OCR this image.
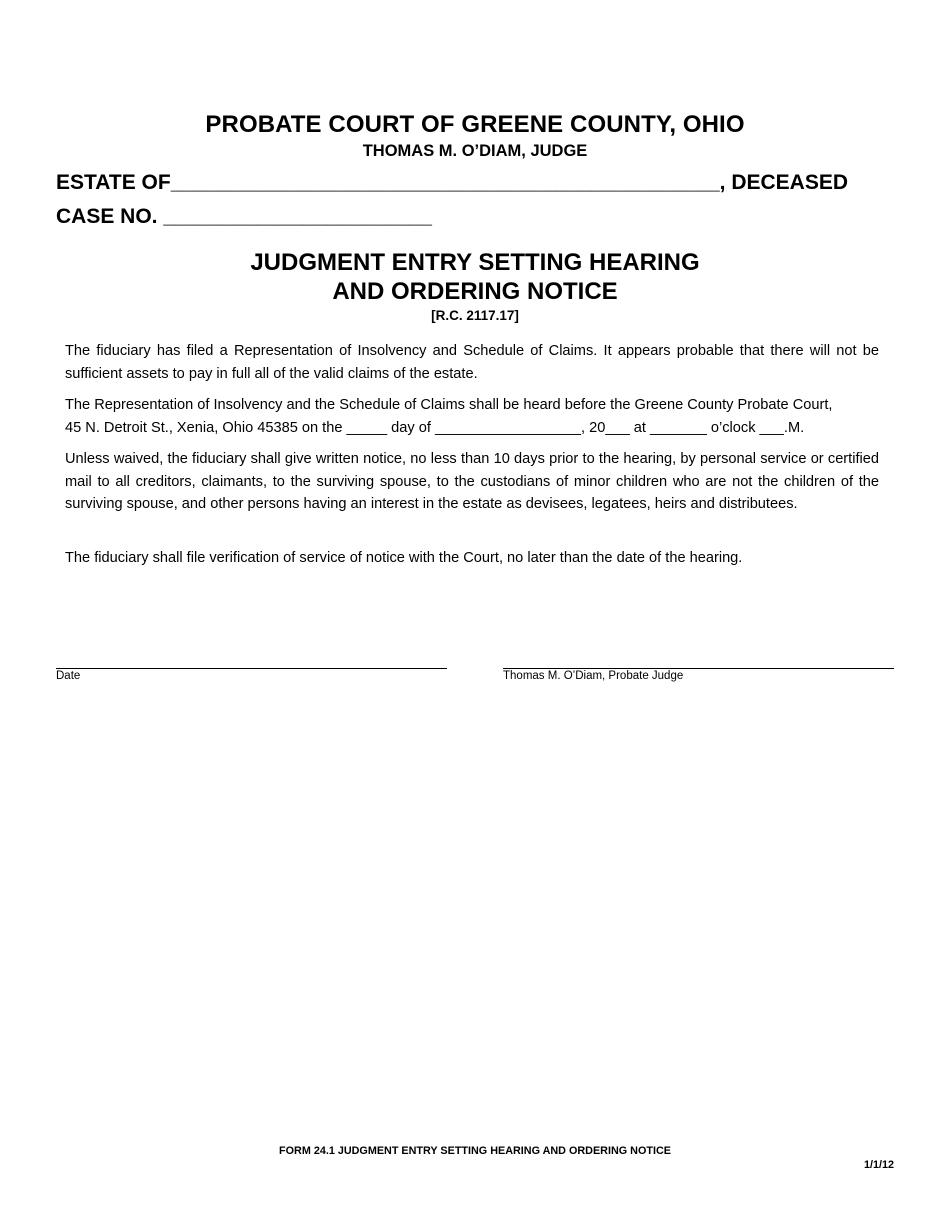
PROBATE COURT OF GREENE COUNTY, OHIO
THOMAS M. O’DIAM, JUDGE
ESTATE OF_______________________________________________, DECEASED
CASE NO. _______________________
JUDGMENT ENTRY SETTING HEARING
AND ORDERING NOTICE
[R.C. 2117.17]

The fiduciary has filed a Representation of Insolvency and Schedule of Claims. It appears probable that there will not be sufficient assets to pay in full all of the valid claims of the estate.

The Representation of Insolvency and the Schedule of Claims shall be heard before the Greene County Probate Court,
45 N. Detroit St., Xenia, Ohio 45385 on the _____ day of __________________, 20___ at _______ o’clock ___.M.

Unless waived, the fiduciary shall give written notice, no less than 10 days prior to the hearing, by personal service or certified mail to all creditors, claimants, to the surviving spouse, to the custodians of minor children who are not the children of the surviving spouse, and other persons having an interest in the estate as devisees, legatees, heirs and distributees.

The fiduciary shall file verification of service of notice with the Court, no later than the date of the hearing.

Date	Thomas M. O’Diam, Probate Judge
FORM 24.1 JUDGMENT ENTRY SETTING HEARING AND ORDERING NOTICE
1/1/12
